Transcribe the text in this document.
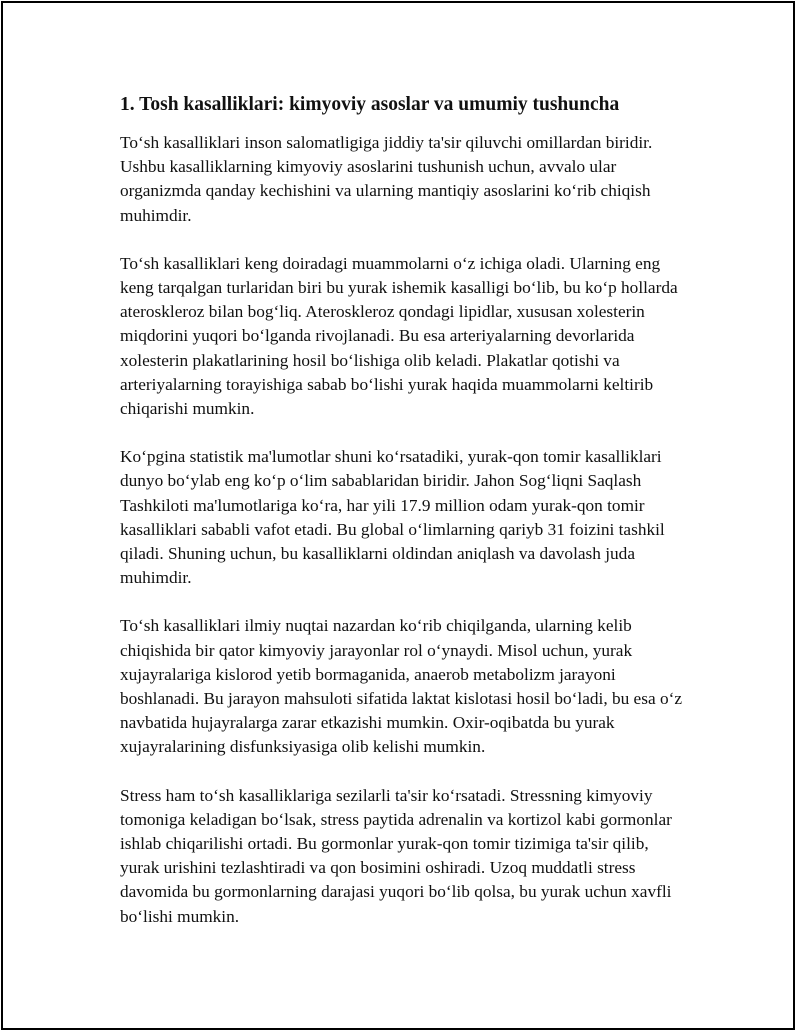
1. Tosh kasalliklari: kimyoviy asoslar va umumiy tushuncha

To‘sh kasalliklari inson salomatligiga jiddiy ta'sir qiluvchi omillardan biridir. Ushbu kasalliklarning kimyoviy asoslarini tushunish uchun, avvalo ular organizmda qanday kechishini va ularning mantiqiy asoslarini ko‘rib chiqish muhimdir.

To‘sh kasalliklari keng doiradagi muammolarni o‘z ichiga oladi. Ularning eng keng tarqalgan turlaridan biri bu yurak ishemik kasalligi bo‘lib, bu ko‘p hollarda ateroskleroz bilan bog‘liq. Ateroskleroz qondagi lipidlar, xususan xolesterin miqdorini yuqori bo‘lganda rivojlanadi. Bu esa arteriyalarning devorlarida xolesterin plakatlarining hosil bo‘lishiga olib keladi. Plakatlar qotishi va arteriyalarning torayishiga sabab bo‘lishi yurak haqida muammolarni keltirib chiqarishi mumkin.

Ko‘pgina statistik ma'lumotlar shuni ko‘rsatadiki, yurak-qon tomir kasalliklari dunyo bo‘ylab eng ko‘p o‘lim sabablaridan biridir. Jahon Sog‘liqni Saqlash Tashkiloti ma'lumotlariga ko‘ra, har yili 17.9 million odam yurak-qon tomir kasalliklari sababli vafot etadi. Bu global o‘limlarning qariyb 31 foizini tashkil qiladi. Shuning uchun, bu kasalliklarni oldindan aniqlash va davolash juda muhimdir.

To‘sh kasalliklari ilmiy nuqtai nazardan ko‘rib chiqilganda, ularning kelib chiqishida bir qator kimyoviy jarayonlar rol o‘ynaydi. Misol uchun, yurak xujayralariga kislorod yetib bormaganida, anaerob metabolizm jarayoni boshlanadi. Bu jarayon mahsuloti sifatida laktat kislotasi hosil bo‘ladi, bu esa o‘z navbatida hujayralarga zarar etkazishi mumkin. Oxir-oqibatda bu yurak xujayralarining disfunksiyasiga olib kelishi mumkin.

Stress ham to‘sh kasalliklariga sezilarli ta'sir ko‘rsatadi. Stressning kimyoviy tomoniga keladigan bo‘lsak, stress paytida adrenalin va kortizol kabi gormonlar ishlab chiqarilishi ortadi. Bu gormonlar yurak-qon tomir tizimiga ta'sir qilib, yurak urishini tezlashtiradi va qon bosimini oshiradi. Uzoq muddatli stress davomida bu gormonlarning darajasi yuqori bo‘lib qolsa, bu yurak uchun xavfli bo‘lishi mumkin.
